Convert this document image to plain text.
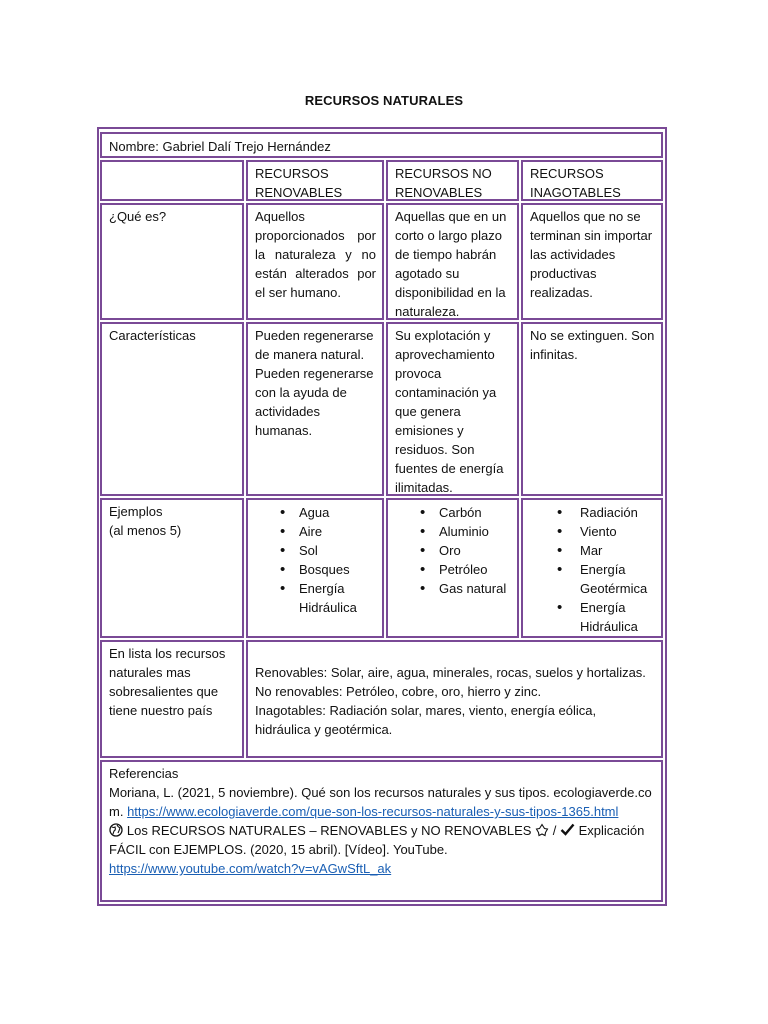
RECURSOS NATURALES
Nombre: Gabriel Dalí Trejo Hernández
RECURSOS RENOVABLES
RECURSOS NO RENOVABLES
RECURSOS INAGOTABLES
¿Qué es?	Aquellos proporcionados por la naturaleza y no están alterados por el ser humano.
Aquellas que en un corto o largo plazo de tiempo habrán agotado su disponibilidad en la naturaleza.
Aquellos que no se terminan sin importar las actividades productivas realizadas.
Características	Pueden regenerarse de manera natural. Pueden regenerarse con la ayuda de actividades humanas.
Su explotación y aprovechamiento provoca contaminación ya que genera emisiones y residuos. Son fuentes de energía ilimitadas.
No se extinguen. Son infinitas.

Ejemplos

(al menos 5)

• Agua
• Aire
• Sol
• Bosques
• Energía Hidráulica
• Carbón
• Aluminio
• Oro
• Petróleo
• Gas natural
• Radiación
• Viento
• Mar
• Energía Geotérmica
• Energía Hidráulica
En lista los recursos naturales mas sobresalientes que tiene nuestro país

Renovables: Solar, aire, agua, minerales, rocas, suelos y hortalizas.

No renovables: Petróleo, cobre, oro, hierro y zinc.

Inagotables: Radiación solar, mares, viento, energía eólica, hidráulica y geotérmica.

Referencias

Moriana, L. (2021, 5 noviembre). Qué son los recursos naturales y sus tipos. ecologiaverde.com. https://www.ecologiaverde.com/que-son-los-recursos-naturales-y-sus-tipos-1365.html

Los RECURSOS NATURALES – RENOVABLES y NO RENOVABLES / Explicación FÁCIL con EJEMPLOS. (2020, 15 abril). [Vídeo]. YouTube.

https://www.youtube.com/watch?v=vAGwSftL_ak
